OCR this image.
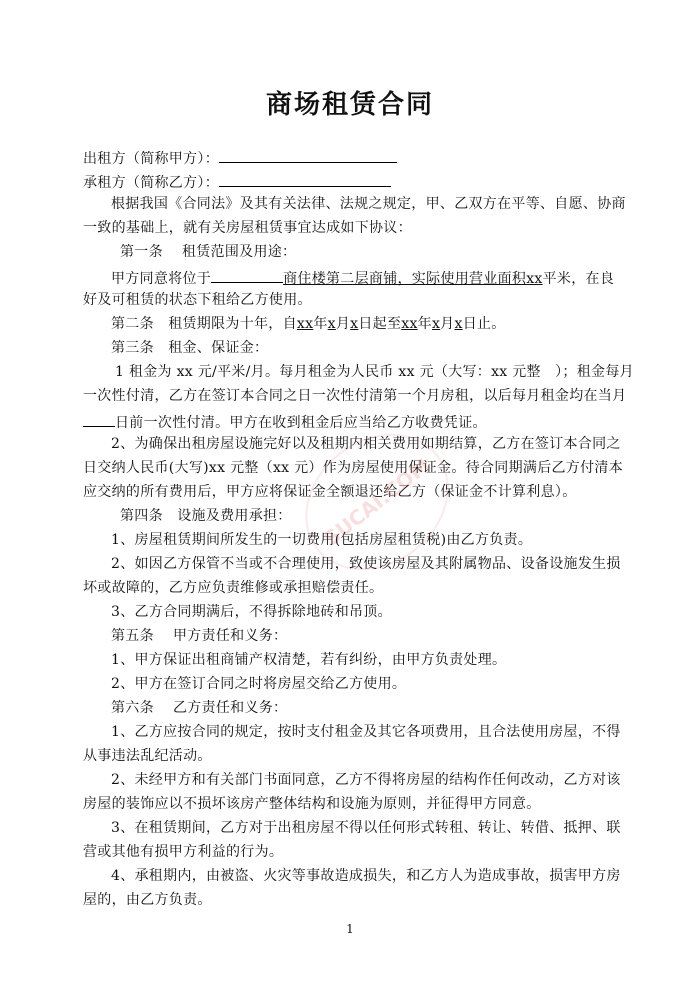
商场租赁合同
出租方（简称甲方）：
承租方（简称乙方）：
根据我国《合同法》及其有关法律、法规之规定，甲、乙双方在平等、自愿、协商
一致的基础上，就有关房屋租赁事宜达成如下协议：
第一条　 租赁范围及用途：
甲方同意将位于	商住楼第二层商铺，实际使用营业面积xx平米，在良
好及可租赁的状态下租给乙方使用。
第二条　租赁期限为十年，自xx年x月x日起至xx年x月x日止。
第三条　租金、保证金：
1 租金为 xx 元/平米/月。每月租金为人民币 xx 元（大写：xx 元整　）；租金每月
一次性付清，乙方在签订本合同之日一次性付清第一个月房租，以后每月租金均在当月
日前一次性付清。甲方在收到租金后应当给乙方收费凭证。
2、为确保出租房屋设施完好以及租期内相关费用如期结算，乙方在签订本合同之
日交纳人民币(大写)xx 元整（xx 元）作为房屋使用保证金。待合同期满后乙方付清本
应交纳的所有费用后，甲方应将保证金全额退还给乙方（保证金不计算利息）。
第四条　设施及费用承担：
1、房屋租赁期间所发生的一切费用(包括房屋租赁税)由乙方负责。
2、如因乙方保管不当或不合理使用，致使该房屋及其附属物品、设备设施发生损
坏或故障的，乙方应负责维修或承担赔偿责任。
3、乙方合同期满后，不得拆除地砖和吊顶。
第五条　 甲方责任和义务：
1、甲方保证出租商铺产权清楚，若有纠纷，由甲方负责处理。
2、甲方在签订合同之时将房屋交给乙方使用。
第六条　 乙方责任和义务：
1、乙方应按合同的规定，按时支付租金及其它各项费用，且合法使用房屋，不得
从事违法乱纪活动。
2、未经甲方和有关部门书面同意，乙方不得将房屋的结构作任何改动，乙方对该
房屋的装饰应以不损坏该房产整体结构和设施为原则，并征得甲方同意。
3、在租赁期间，乙方对于出租房屋不得以任何形式转租、转让、转借、抵押、联
营或其他有损甲方利益的行为。
4、承租期内，由被盗、火灾等事故造成损失，和乙方人为造成事故，损害甲方房
屋的，由乙方负责。
SUCAI.COM
1
